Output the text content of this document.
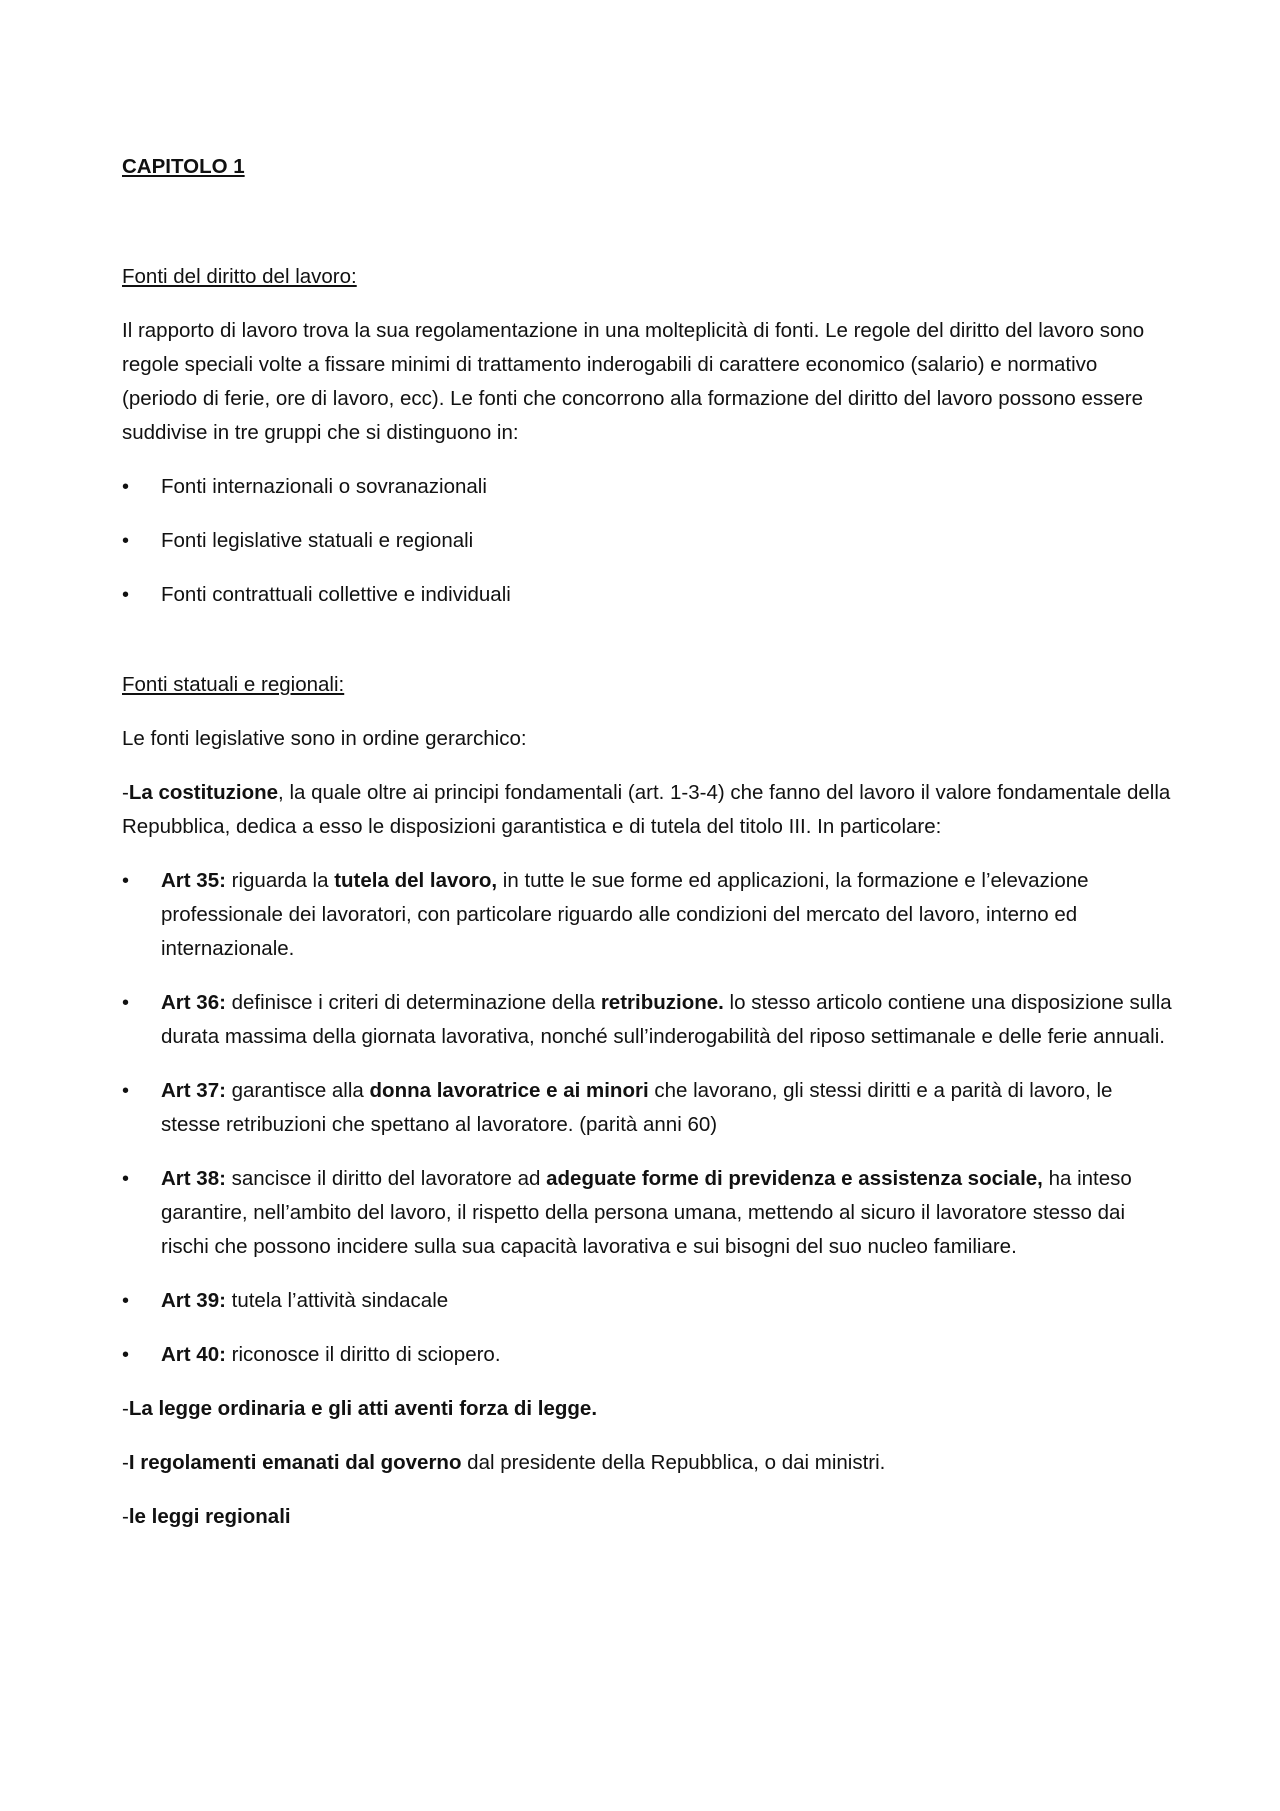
CAPITOLO 1

Fonti del diritto del lavoro:

Il rapporto di lavoro trova la sua regolamentazione in una molteplicità di fonti. Le regole del diritto del lavoro sono regole speciali volte a fissare minimi di trattamento inderogabili di carattere economico (salario) e normativo (periodo di ferie, ore di lavoro, ecc). Le fonti che concorrono alla formazione del diritto del lavoro possono essere suddivise in tre gruppi che si distinguono in:

• Fonti internazionali o sovranazionali
• Fonti legislative statuali e regionali
• Fonti contrattuali collettive e individuali

Fonti statuali e regionali:

Le fonti legislative sono in ordine gerarchico:

-La costituzione, la quale oltre ai principi fondamentali (art. 1-3-4) che fanno del lavoro il valore fondamentale della Repubblica, dedica a esso le disposizioni garantistica e di tutela del titolo III. In particolare:

• Art 35: riguarda la tutela del lavoro, in tutte le sue forme ed applicazioni, la formazione e l’elevazione professionale dei lavoratori, con particolare riguardo alle condizioni del mercato del lavoro, interno ed internazionale.
• Art 36: definisce i criteri di determinazione della retribuzione. lo stesso articolo contiene una disposizione sulla durata massima della giornata lavorativa, nonché sull’inderogabilità del riposo settimanale e delle ferie annuali.
• Art 37: garantisce alla donna lavoratrice e ai minori che lavorano, gli stessi diritti e a parità di lavoro, le stesse retribuzioni che spettano al lavoratore. (parità anni 60)
• Art 38: sancisce il diritto del lavoratore ad adeguate forme di previdenza e assistenza sociale, ha inteso garantire, nell’ambito del lavoro, il rispetto della persona umana, mettendo al sicuro il lavoratore stesso dai rischi che possono incidere sulla sua capacità lavorativa e sui bisogni del suo nucleo familiare.
• Art 39: tutela l’attività sindacale
• Art 40: riconosce il diritto di sciopero.

-La legge ordinaria e gli atti aventi forza di legge.

-I regolamenti emanati dal governo dal presidente della Repubblica, o dai ministri.

-le leggi regionali
